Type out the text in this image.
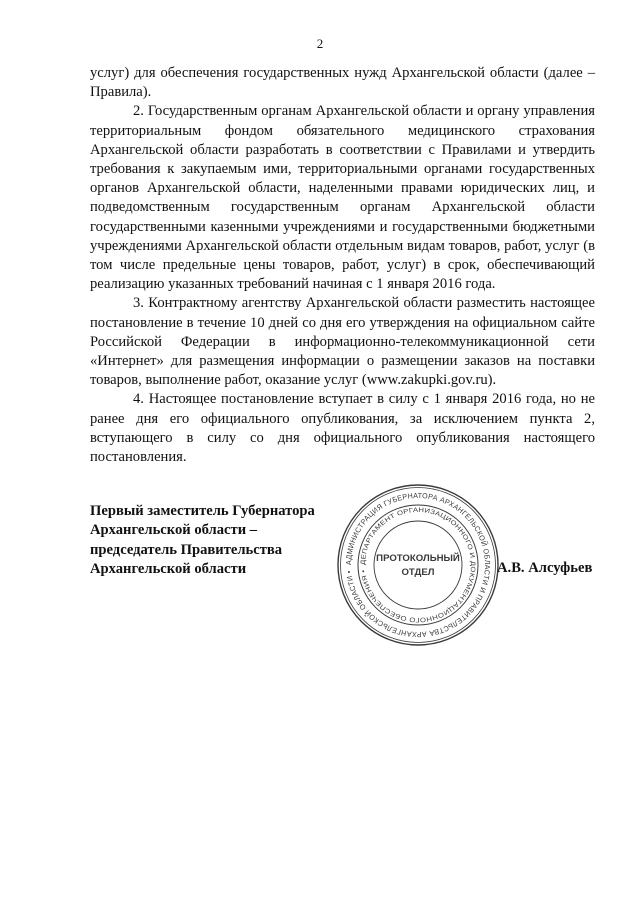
2

услуг) для обеспечения государственных нужд Архангельской области (далее – Правила).

2. Государственным органам Архангельской области и органу управления территориальным фондом обязательного медицинского страхования Архангельской области разработать в соответствии с Правилами и утвердить требования к закупаемым ими, территориальными органами государственных органов Архангельской области, наделенными правами юридических лиц, и подведомственным государственным органам Архангельской области государственными казенными учреждениями и государственными бюджетными учреждениями Архангельской области отдельным видам товаров, работ, услуг (в том числе предельные цены товаров, работ, услуг) в срок, обеспечивающий реализацию указанных требований начиная с 1 января 2016 года.

3. Контрактному агентству Архангельской области разместить настоящее постановление в течение 10 дней со дня его утверждения на официальном сайте Российской Федерации в информационно-телекоммуникационной сети «Интернет» для размещения информации о размещении заказов на поставки товаров, выполнение работ, оказание услуг (www.zakupki.gov.ru).

4. Настоящее постановление вступает в силу с 1 января 2016 года, но не ранее дня его официального опубликования, за исключением пункта 2, вступающего в силу со дня официального опубликования настоящего постановления.

Первый заместитель Губернатора
Архангельской области –
председатель Правительства
Архангельской области	А.В. Алсуфьев
АДМИНИСТРАЦИЯ ГУБЕРНАТОРА АРХАНГЕЛЬСКОЙ ОБЛАСТИ И ПРАВИТЕЛЬСТВА АРХАНГЕЛЬСКОЙ ОБЛАСТИ •
ДЕПАРТАМЕНТ ОРГАНИЗАЦИОННОГО И ДОКУМЕНТАЦИОННОГО ОБЕСПЕЧЕНИЯ •
ПРОТОКОЛЬНЫЙ
ОТДЕЛ
